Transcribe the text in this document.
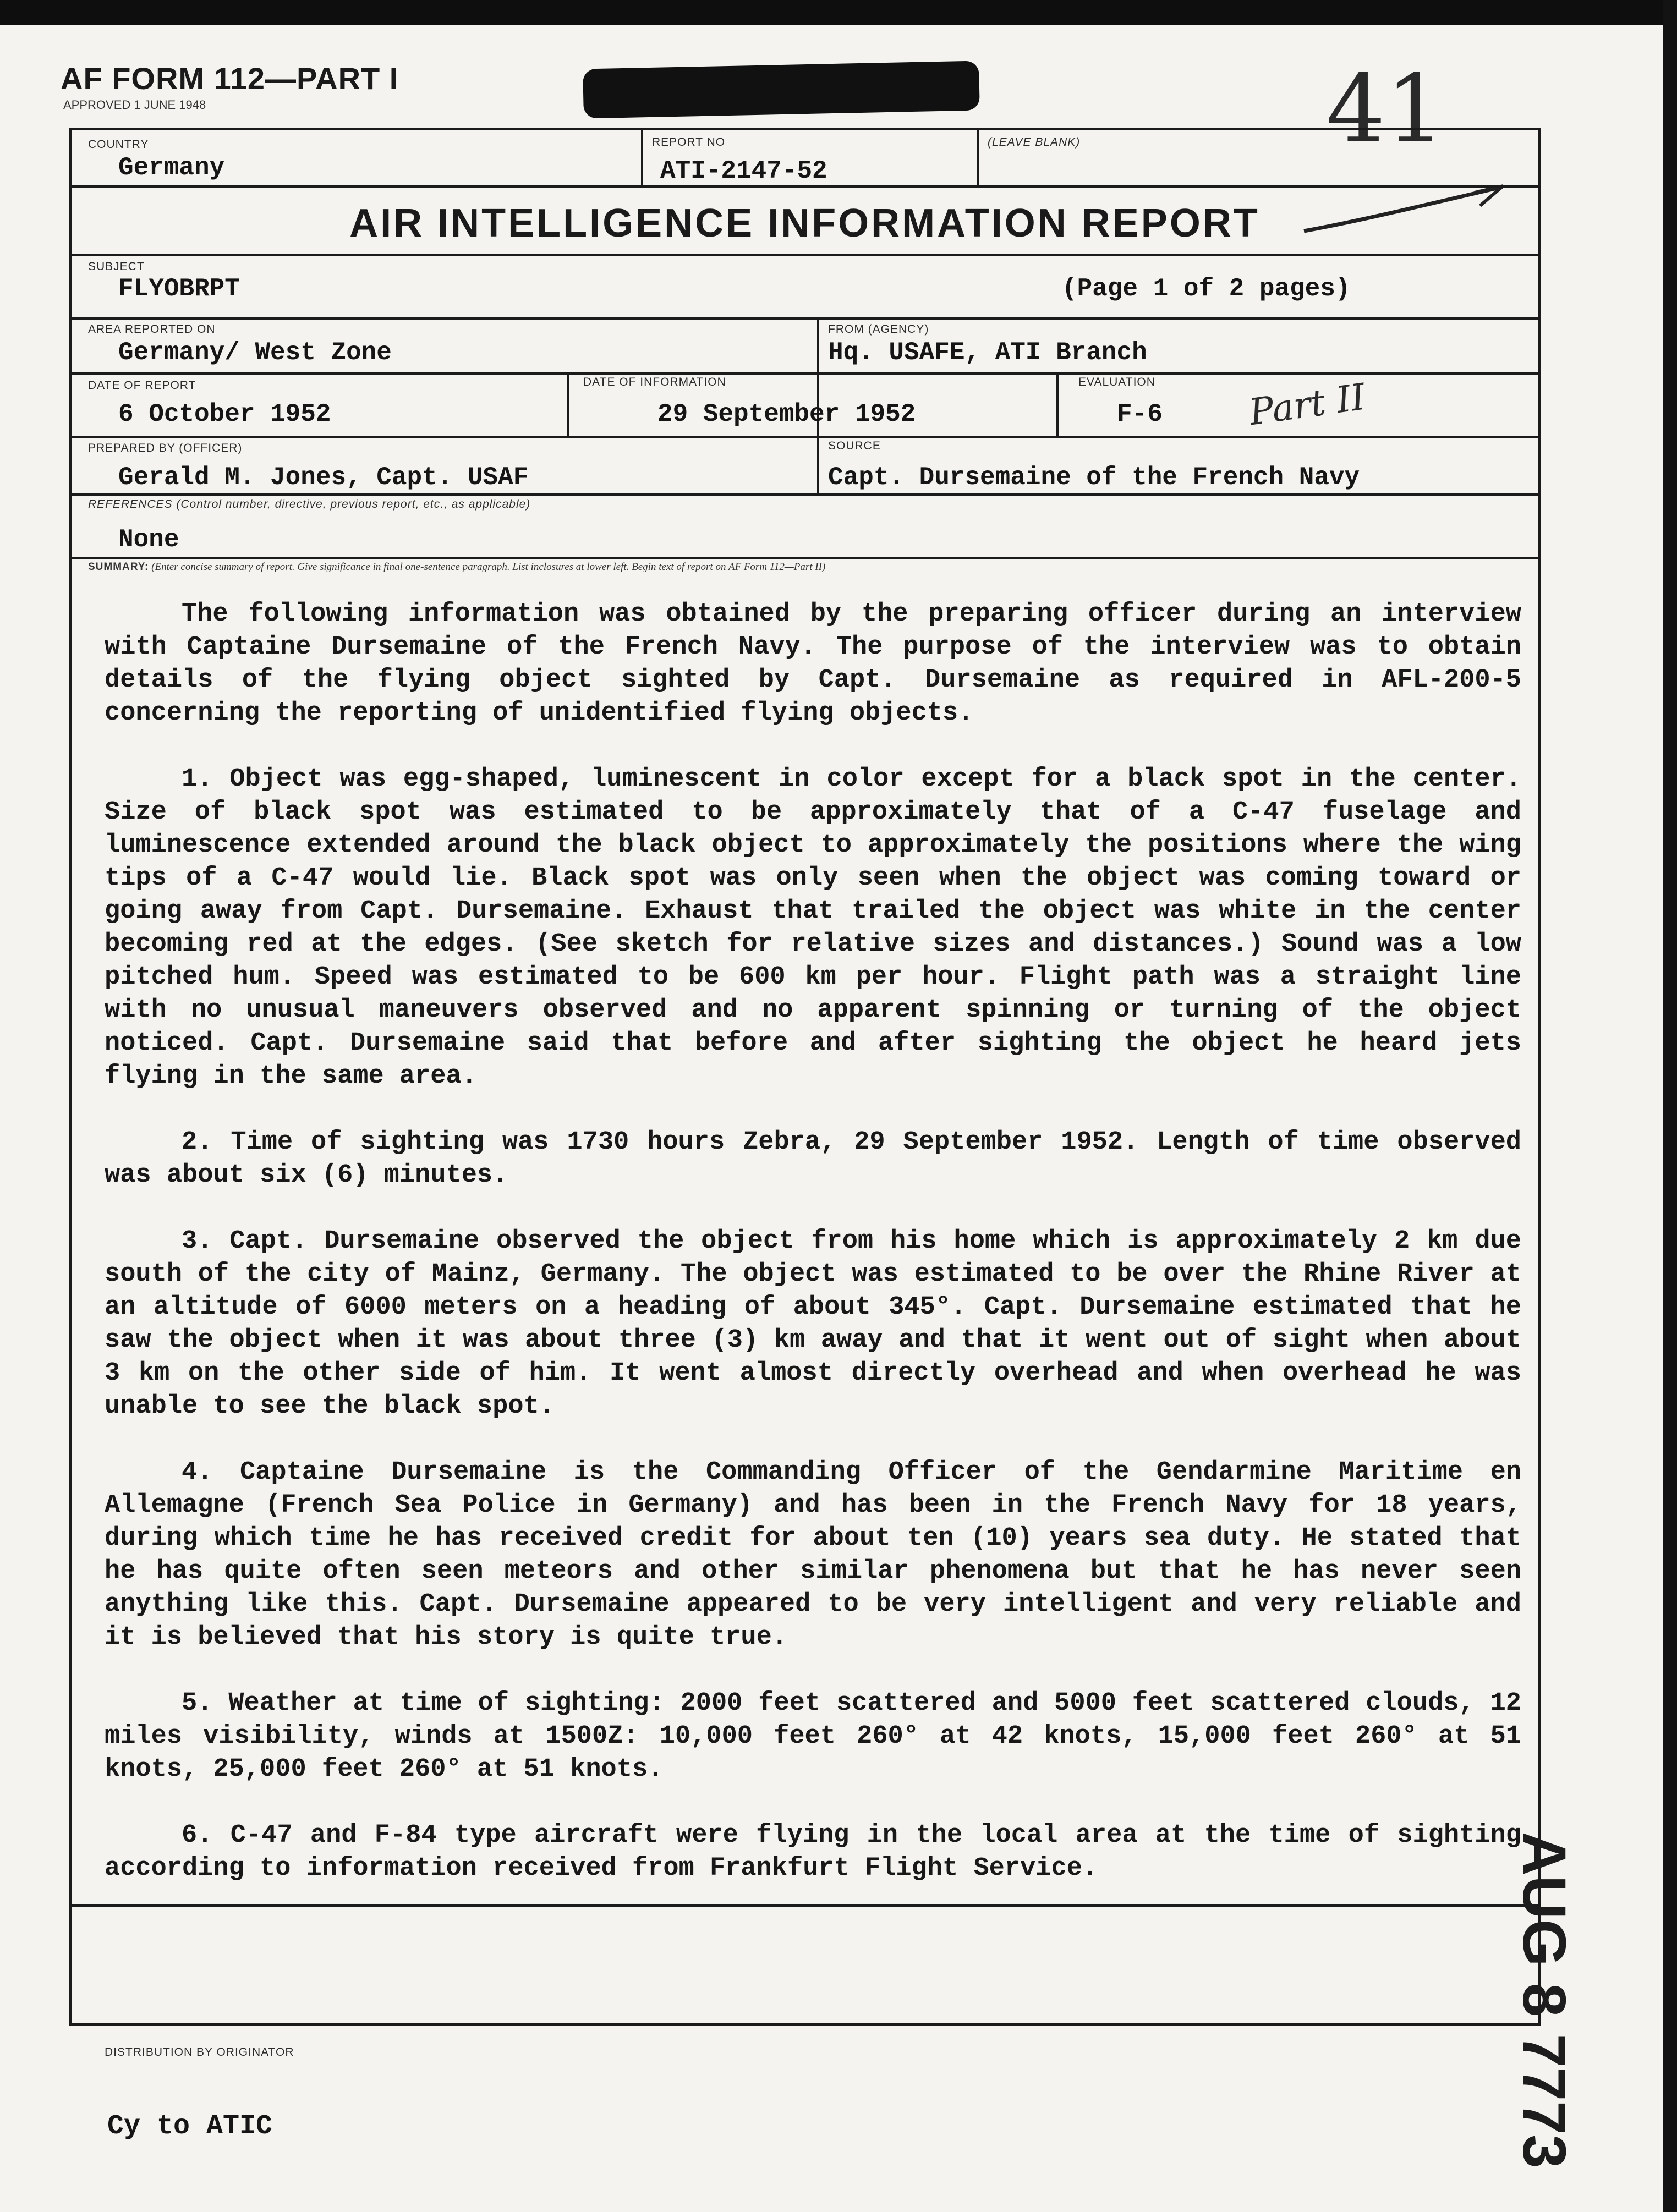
AF FORM 112—PART I
APPROVED 1 JUNE 1948	41
COUNTRY
Germany
REPORT NO
ATI-2147-52
(LEAVE BLANK)
AIR INTELLIGENCE INFORMATION REPORT
SUBJECT
FLYOBRPT	(Page 1 of 2 pages)
AREA REPORTED ON
Germany/ West Zone
FROM (AGENCY)
Hq. USAFE, ATI Branch
DATE OF REPORT
6 October 1952
DATE OF INFORMATION
29 September 1952
EVALUATION
F-6 Part II
PREPARED BY (OFFICER)
Gerald M. Jones, Capt. USAF
SOURCE
Capt. Dursemaine of the French Navy
REFERENCES (Control number, directive, previous report, etc., as applicable)
None
SUMMARY: (Enter concise summary of report. Give significance in final one-sentence paragraph. List inclosures at lower left. Begin text of report on AF Form 112—Part II)

The following information was obtained by the preparing officer during an interview with Captaine Dursemaine of the French Navy. The purpose of the interview was to obtain details of the flying object sighted by Capt. Dursemaine as required in AFL-200-5 concerning the reporting of unidentified flying objects.

1. Object was egg-shaped, luminescent in color except for a black spot in the center. Size of black spot was estimated to be approximately that of a C-47 fuselage and luminescence extended around the black object to approximately the positions where the wing tips of a C-47 would lie. Black spot was only seen when the object was coming toward or going away from Capt. Dursemaine. Exhaust that trailed the object was white in the center becoming red at the edges. (See sketch for relative sizes and distances.) Sound was a low pitched hum. Speed was estimated to be 600 km per hour. Flight path was a straight line with no unusual maneuvers observed and no apparent spinning or turning of the object noticed. Capt. Dursemaine said that before and after sighting the object he heard jets flying in the same area.

2. Time of sighting was 1730 hours Zebra, 29 September 1952. Length of time observed was about six (6) minutes.

3. Capt. Dursemaine observed the object from his home which is approximately 2 km due south of the city of Mainz, Germany. The object was estimated to be over the Rhine River at an altitude of 6000 meters on a heading of about 345°. Capt. Dursemaine estimated that he saw the object when it was about three (3) km away and that it went out of sight when about 3 km on the other side of him. It went almost directly overhead and when overhead he was unable to see the black spot.

4. Captaine Dursemaine is the Commanding Officer of the Gendarmine Maritime en Allemagne (French Sea Police in Germany) and has been in the French Navy for 18 years, during which time he has received credit for about ten (10) years sea duty. He stated that he has quite often seen meteors and other similar phenomena but that he has never seen anything like this. Capt. Dursemaine appeared to be very intelligent and very reliable and it is believed that his story is quite true.

5. Weather at time of sighting: 2000 feet scattered and 5000 feet scattered clouds, 12 miles visibility, winds at 1500Z: 10,000 feet 260° at 42 knots, 15,000 feet 260° at 51 knots, 25,000 feet 260° at 51 knots.

6. C-47 and F-84 type aircraft were flying in the local area at the time of sighting according to information received from Frankfurt Flight Service.

DISTRIBUTION BY ORIGINATOR
Cy to ATIC	AUG 8 7773
